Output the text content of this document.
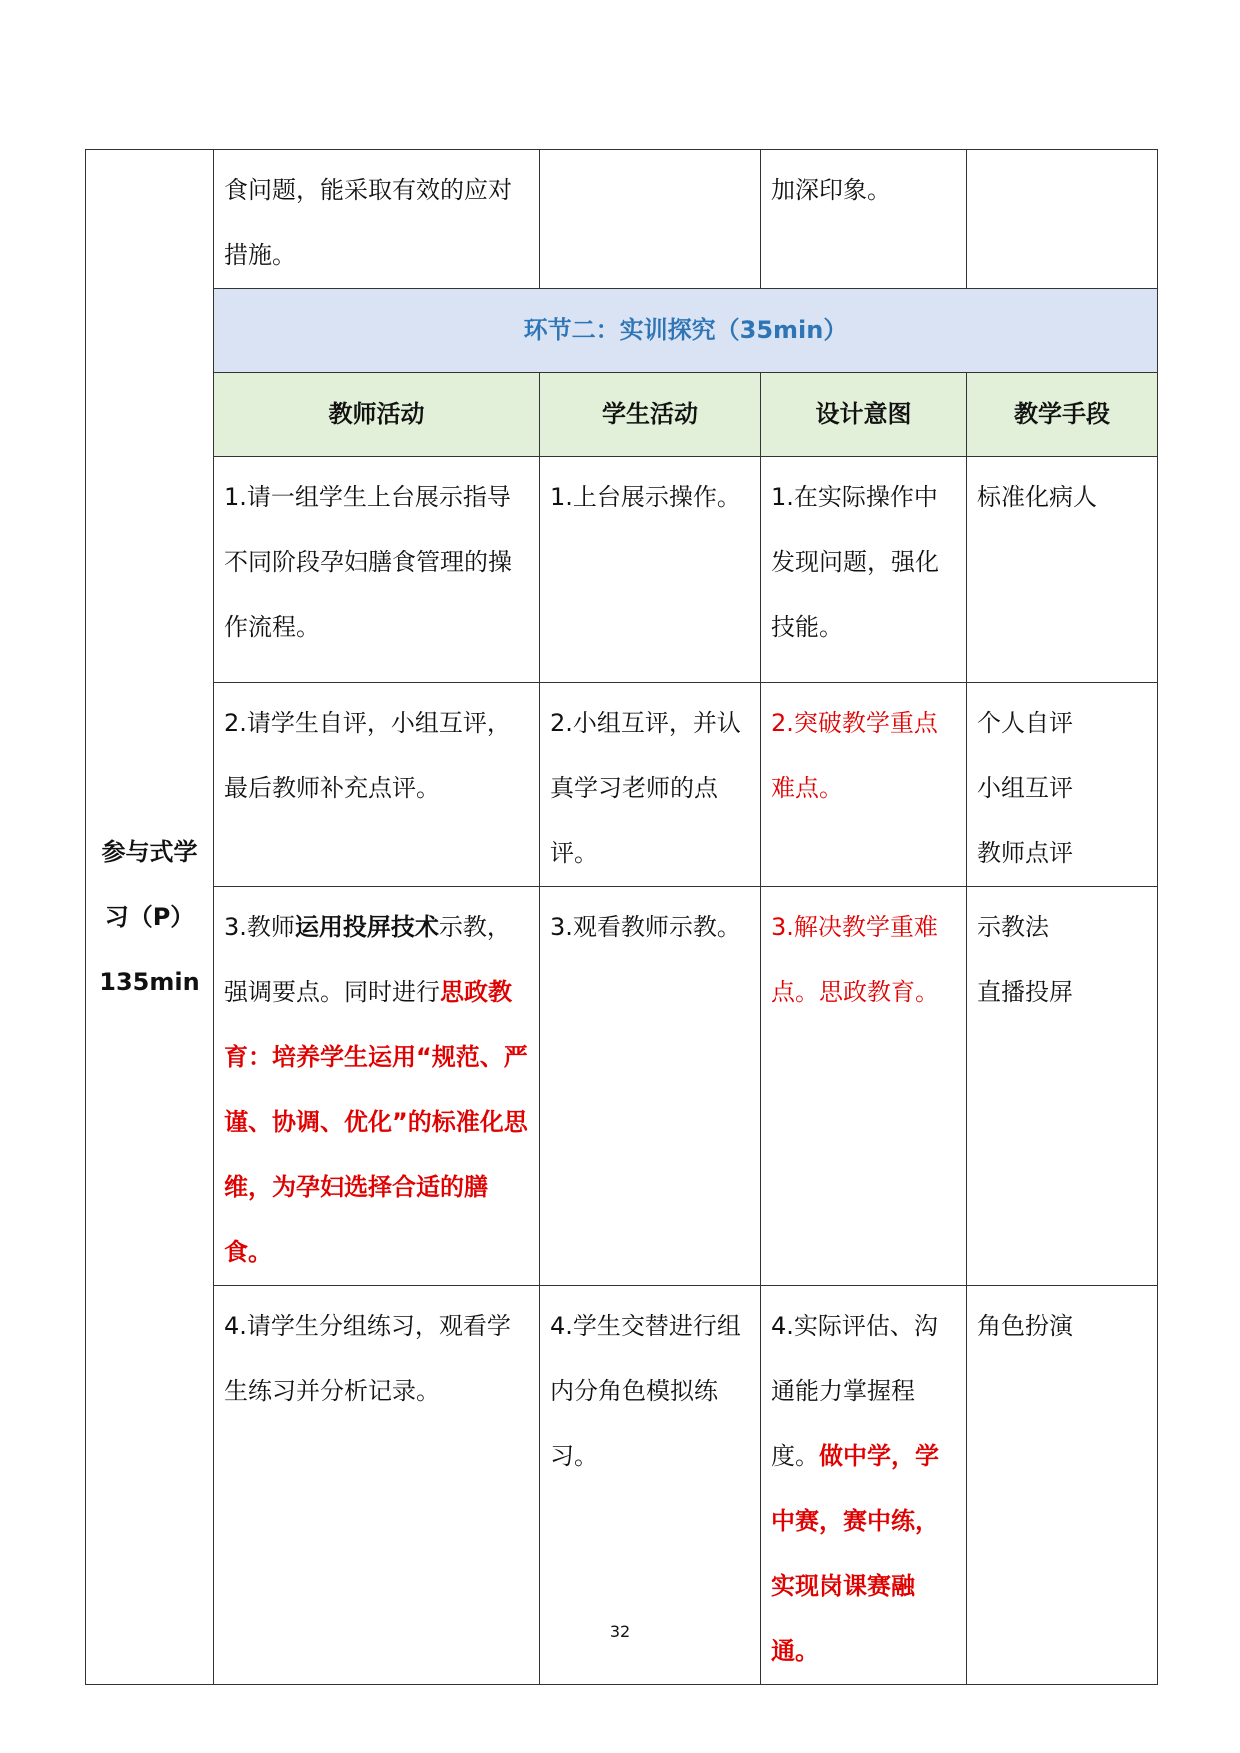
参与式学
习（P）
135min	食问题，能采取有效的应对措施。		加深印象。	
	环节二：实训探究（35min）			
	教师活动	学生活动	设计意图	教学手段
	1.请一组学生上台展示指导不同阶段孕妇膳食管理的操作流程。	1.上台展示操作。	1.在实际操作中发现问题，强化技能。	标准化病人
	2.请学生自评，小组互评，最后教师补充点评。	2.小组互评，并认真学习老师的点评。	2.突破教学重点难点。	个人自评
小组互评
教师点评

	3.教师运用投屏技术示教，强调要点。同时进行思政教育：培养学生运用“规范、严谨、协调、优化”的标准化思维，为孕妇选择合适的膳食。	3.观看教师示教。	3.解决教学重难点。思政教育。	示教法
直播投屏

	4.请学生分组练习，观看学生练习并分析记录。	4.学生交替进行组内分角色模拟练习。	4.实际评估、沟通能力掌握程度。做中学，学中赛，赛中练，实现岗课赛融通。	角色扮演
32
